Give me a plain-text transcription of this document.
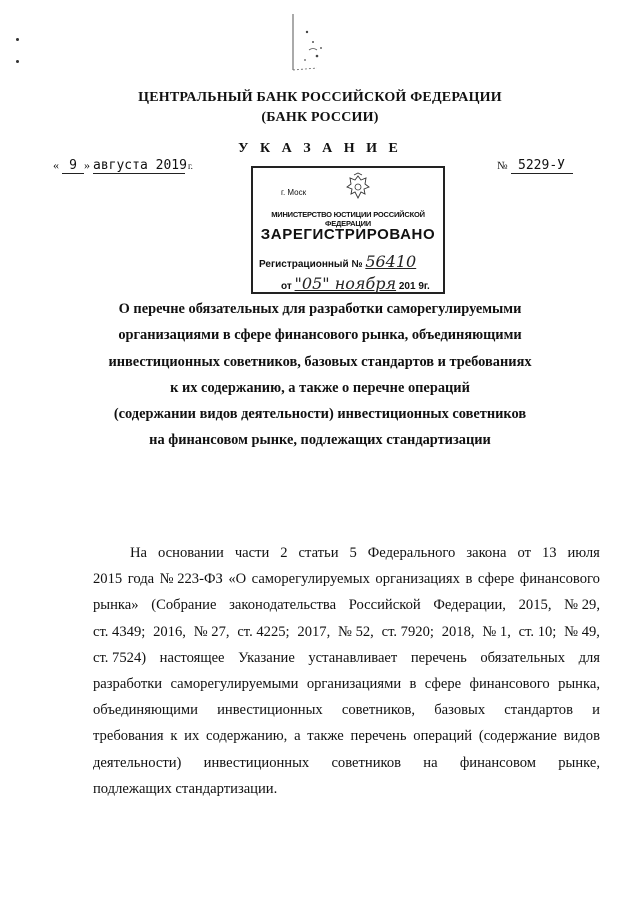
ЦЕНТРАЛЬНЫЙ БАНК РОССИЙСКОЙ ФЕДЕРАЦИИ
(БАНК РОССИИ)
У К А З А Н И Е
« 9 » августа 2019 г.	№ 5229-У
г. Моск
МИНИСТЕРСТВО ЮСТИЦИИ РОССИЙСКОЙ ФЕДЕРАЦИИ
ЗАРЕГИСТРИРОВАНО
Регистрационный № 56410
от "05" ноября 201 9г.
О перечне обязательных для разработки саморегулируемыми
организациями в сфере финансового рынка, объединяющими
инвестиционных советников, базовых стандартов и требованиях
к их содержанию, а также о перечне операций
(содержании видов деятельности) инвестиционных советников
на финансовом рынке, подлежащих стандартизации
На основании части 2 статьи 5 Федерального закона от 13 июля
2015 года № 223-ФЗ «О саморегулируемых организациях в сфере финансового
рынка» (Собрание законодательства Российской Федерации, 2015, № 29,
ст. 4349; 2016, № 27, ст. 4225; 2017, № 52, ст. 7920; 2018, № 1, ст. 10; № 49,
ст. 7524) настоящее Указание устанавливает перечень обязательных для
разработки саморегулируемыми организациями в сфере финансового рынка,
объединяющими инвестиционных советников, базовых стандартов и
требования к их содержанию, а также перечень операций (содержание видов
деятельности) инвестиционных советников на финансовом рынке,
подлежащих стандартизации.
